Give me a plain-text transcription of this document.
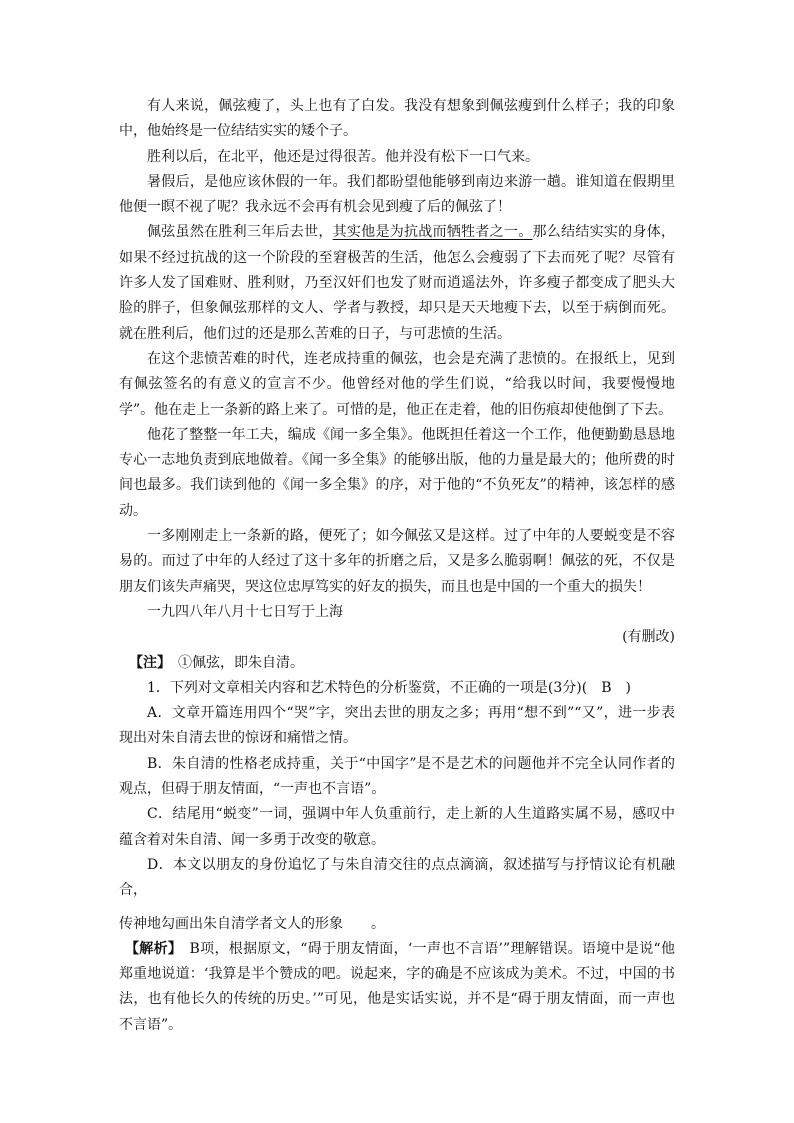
有人来说，佩弦瘦了，头上也有了白发。我没有想象到佩弦瘦到什么样子；我的印象中，他始终是一位结结实实的矮个子。

胜利以后，在北平，他还是过得很苦。他并没有松下一口气来。

暑假后，是他应该休假的一年。我们都盼望他能够到南边来游一趟。谁知道在假期里他便一瞑不视了呢？我永远不会再有机会见到瘦了后的佩弦了！

佩弦虽然在胜利三年后去世，其实他是为抗战而牺牲者之一。那么结结实实的身体，如果不经过抗战的这一个阶段的至窘极苦的生活，他怎么会瘦弱了下去而死了呢？尽管有许多人发了国难财、胜利财，乃至汉奸们也发了财而逍遥法外，许多瘦子都变成了肥头大脸的胖子，但象佩弦那样的文人、学者与教授，却只是天天地瘦下去，以至于病倒而死。就在胜利后，他们过的还是那么苦难的日子，与可悲愤的生活。

在这个悲愤苦难的时代，连老成持重的佩弦，也会是充满了悲愤的。在报纸上，见到有佩弦签名的有意义的宣言不少。他曾经对他的学生们说，“给我以时间，我要慢慢地学”。他在走上一条新的路上来了。可惜的是，他正在走着，他的旧伤痕却使他倒了下去。

他花了整整一年工夫，编成《闻一多全集》。他既担任着这一个工作，他便勤勤恳恳地专心一志地负责到底地做着。《闻一多全集》的能够出版，他的力量是最大的；他所费的时间也最多。我们读到他的《闻一多全集》的序，对于他的“不负死友”的精神，该怎样的感动。

一多刚刚走上一条新的路，便死了；如今佩弦又是这样。过了中年的人要蜕变是不容易的。而过了中年的人经过了这十多年的折磨之后，又是多么脆弱啊！佩弦的死，不仅是朋友们该失声痛哭，哭这位忠厚笃实的好友的损失，而且也是中国的一个重大的损失！

一九四八年八月十七日写于上海

(有删改)

【注】　 ①佩弦，即朱自清。

1．下列对文章相关内容和艺术特色的分析鉴赏，不正确的一项是(3分)(　B　)

A．文章开篇连用四个“哭”字，突出去世的朋友之多；再用“想不到”“又”，进一步表现出对朱自清去世的惊讶和痛惜之情。

B．朱自清的性格老成持重，关于“中国字”是不是艺术的问题他并不完全认同作者的观点，但碍于朋友情面，“一声也不言语”。

C．结尾用“蜕变”一词，强调中年人负重前行，走上新的人生道路实属不易，感叹中蕴含着对朱自清、闻一多勇于改变的敬意。

D．本文以朋友的身份追忆了与朱自清交往的点点滴滴，叙述描写与抒情议论有机融合，

传神地勾画出朱自清学者文人的形象　　。

【解析】　B项，根据原文，“碍于朋友情面，‘一声也不言语’”理解错误。语境中是说“他郑重地说道：‘我算是半个赞成的吧。说起来，字的确是不应该成为美术。不过，中国的书法，也有他长久的传统的历史。’”可见，他是实话实说，并不是“碍于朋友情面，而一声也不言语”。
